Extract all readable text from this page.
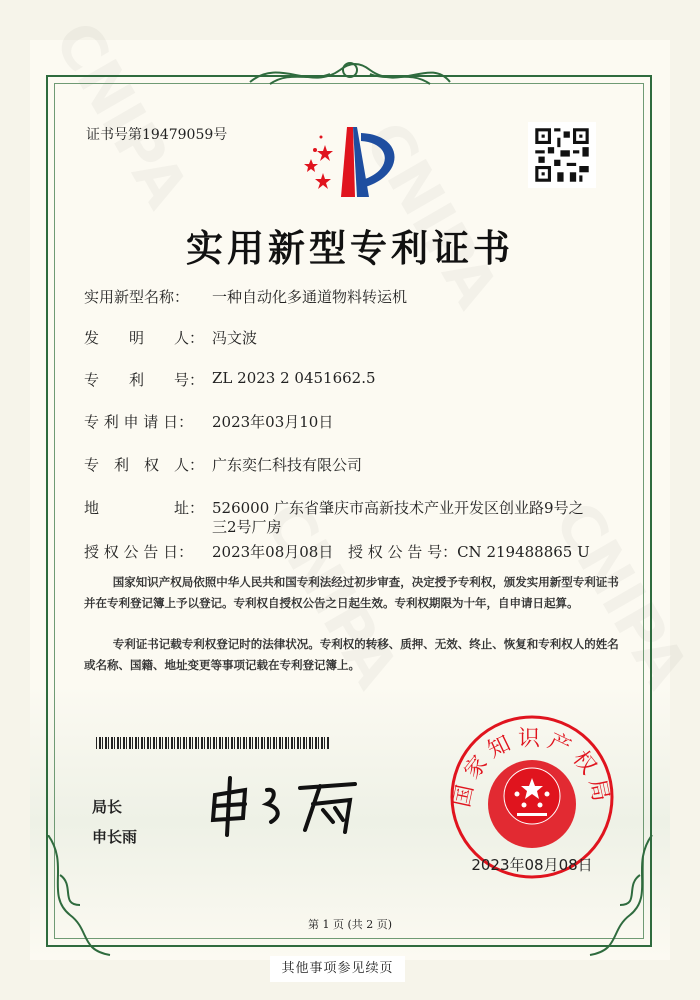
证书号第19479059号
实用新型专利证书
实用新型名称：	一种自动化多通道物料转运机
发　　明　　人： 冯文波
专　　利　　号： ZL 2023 2 0451662.5
专 利 申 请 日：	2023年03月10日
专　利　权　人： 广东奕仁科技有限公司
地　　　　　址： 526000 广东省肇庆市高新技术产业开发区创业路9号之
三2号厂房
授 权 公 告 日：	2023年08月08日 授 权 公 告 号：CN 219488865 U
国家知识产权局依照中华人民共和国专利法经过初步审查，决定授予专利权，颁发实用新型专利证书并在专利登记簿上予以登记。专利权自授权公告之日起生效。专利权期限为十年，自申请日起算。
专利证书记载专利权登记时的法律状况。专利权的转移、质押、无效、终止、恢复和专利权人的姓名或名称、国籍、地址变更等事项记载在专利登记簿上。
局长
申长雨
国家知识产权局
2023年08月08日
第 1 页 (共 2 页)
其他事项参见续页
